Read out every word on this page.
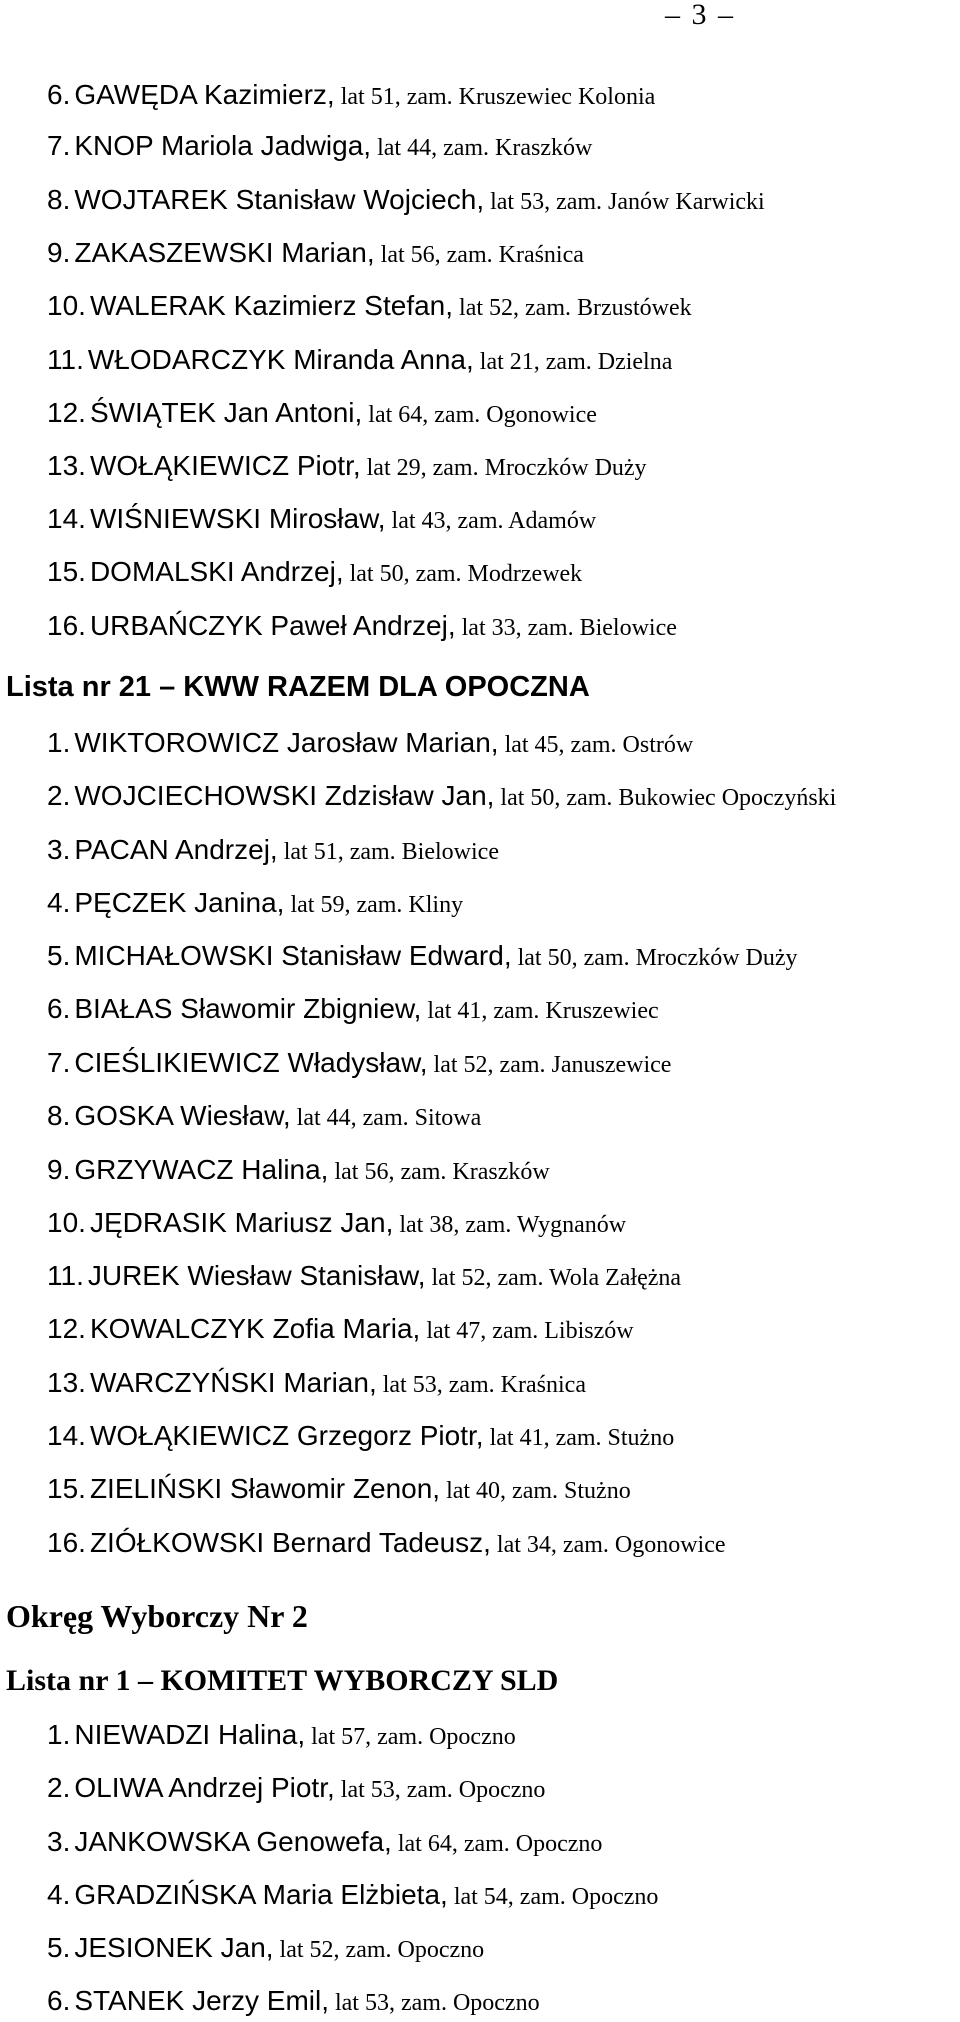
– 3 –
6. GAWĘDA Kazimierz, lat 51, zam. Kruszewiec Kolonia
7. KNOP Mariola Jadwiga, lat 44, zam. Kraszków
8. WOJTAREK Stanisław Wojciech, lat 53, zam. Janów Karwicki
9. ZAKASZEWSKI Marian, lat 56, zam. Kraśnica
10. WALERAK Kazimierz Stefan, lat 52, zam. Brzustówek
11. WŁODARCZYK Miranda Anna, lat 21, zam. Dzielna
12. ŚWIĄTEK Jan Antoni, lat 64, zam. Ogonowice
13. WOŁĄKIEWICZ Piotr, lat 29, zam. Mroczków Duży
14. WIŚNIEWSKI Mirosław, lat 43, zam. Adamów
15. DOMALSKI Andrzej, lat 50, zam. Modrzewek
16. URBAŃCZYK Paweł Andrzej, lat 33, zam. Bielowice
Lista nr 21 – KWW RAZEM DLA OPOCZNA
1. WIKTOROWICZ Jarosław Marian, lat 45, zam. Ostrów
2. WOJCIECHOWSKI Zdzisław Jan, lat 50, zam. Bukowiec Opoczyński
3. PACAN Andrzej, lat 51, zam. Bielowice
4. PĘCZEK Janina, lat 59, zam. Kliny
5. MICHAŁOWSKI Stanisław Edward, lat 50, zam. Mroczków Duży
6. BIAŁAS Sławomir Zbigniew, lat 41, zam. Kruszewiec
7. CIEŚLIKIEWICZ Władysław, lat 52, zam. Januszewice
8. GOSKA Wiesław, lat 44, zam. Sitowa
9. GRZYWACZ Halina, lat 56, zam. Kraszków
10. JĘDRASIK Mariusz Jan, lat 38, zam. Wygnanów
11. JUREK Wiesław Stanisław, lat 52, zam. Wola Załężna
12. KOWALCZYK Zofia Maria, lat 47, zam. Libiszów
13. WARCZYŃSKI Marian, lat 53, zam. Kraśnica
14. WOŁĄKIEWICZ Grzegorz Piotr, lat 41, zam. Stużno
15. ZIELIŃSKI Sławomir Zenon, lat 40, zam. Stużno
16. ZIÓŁKOWSKI Bernard Tadeusz, lat 34, zam. Ogonowice
Okręg Wyborczy Nr 2
Lista nr 1 – KOMITET WYBORCZY SLD
1. NIEWADZI Halina, lat 57, zam. Opoczno
2. OLIWA Andrzej Piotr, lat 53, zam. Opoczno
3. JANKOWSKA Genowefa, lat 64, zam. Opoczno
4. GRADZIŃSKA Maria Elżbieta, lat 54, zam. Opoczno
5. JESIONEK Jan, lat 52, zam. Opoczno
6. STANEK Jerzy Emil, lat 53, zam. Opoczno
